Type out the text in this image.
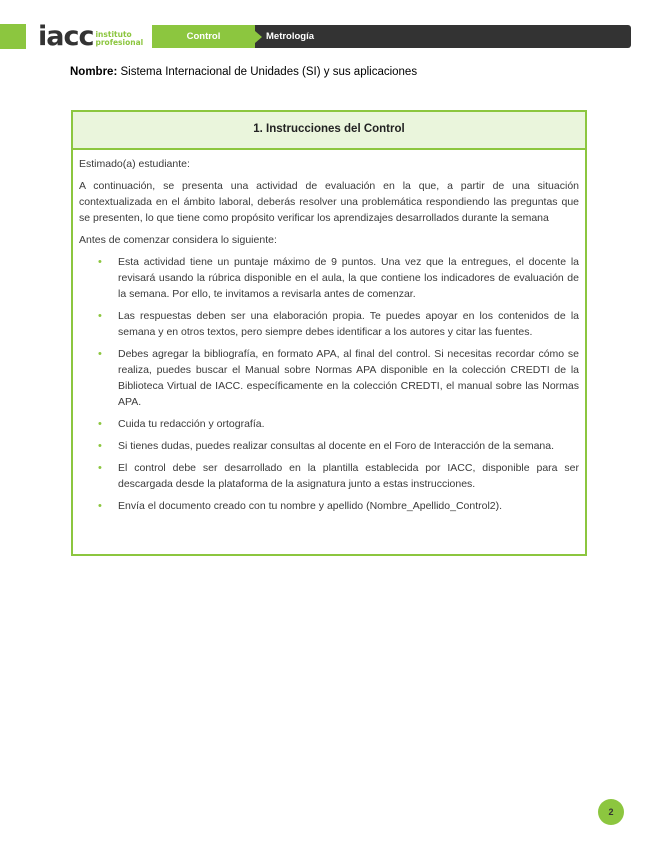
iacc instituto
profesional
Control	Metrología
Nombre: Sistema Internacional de Unidades (SI) y sus aplicaciones
1. Instrucciones del Control

Estimado(a) estudiante:

A continuación, se presenta una actividad de evaluación en la que, a partir de una situación contextualizada en el ámbito laboral, deberás resolver una problemática respondiendo las preguntas que se presenten, lo que tiene como propósito verificar los aprendizajes desarrollados durante la semana

Antes de comenzar considera lo siguiente:

• Esta actividad tiene un puntaje máximo de 9 puntos. Una vez que la entregues, el docente la revisará usando la rúbrica disponible en el aula, la que contiene los indicadores de evaluación de la semana. Por ello, te invitamos a revisarla antes de comenzar.
• Las respuestas deben ser una elaboración propia. Te puedes apoyar en los contenidos de la semana y en otros textos, pero siempre debes identificar a los autores y citar las fuentes.
• Debes agregar la bibliografía, en formato APA, al final del control. Si necesitas recordar cómo se realiza, puedes buscar el Manual sobre Normas APA disponible en la colección CREDTI de la Biblioteca Virtual de IACC. específicamente en la colección CREDTI, el manual sobre las Normas APA.
• Cuida tu redacción y ortografía.
• Si tienes dudas, puedes realizar consultas al docente en el Foro de Interacción de la semana.
• El control debe ser desarrollado en la plantilla establecida por IACC, disponible para ser descargada desde la plataforma de la asignatura junto a estas instrucciones.
• Envía el documento creado con tu nombre y apellido (Nombre_Apellido_Control2).
2
